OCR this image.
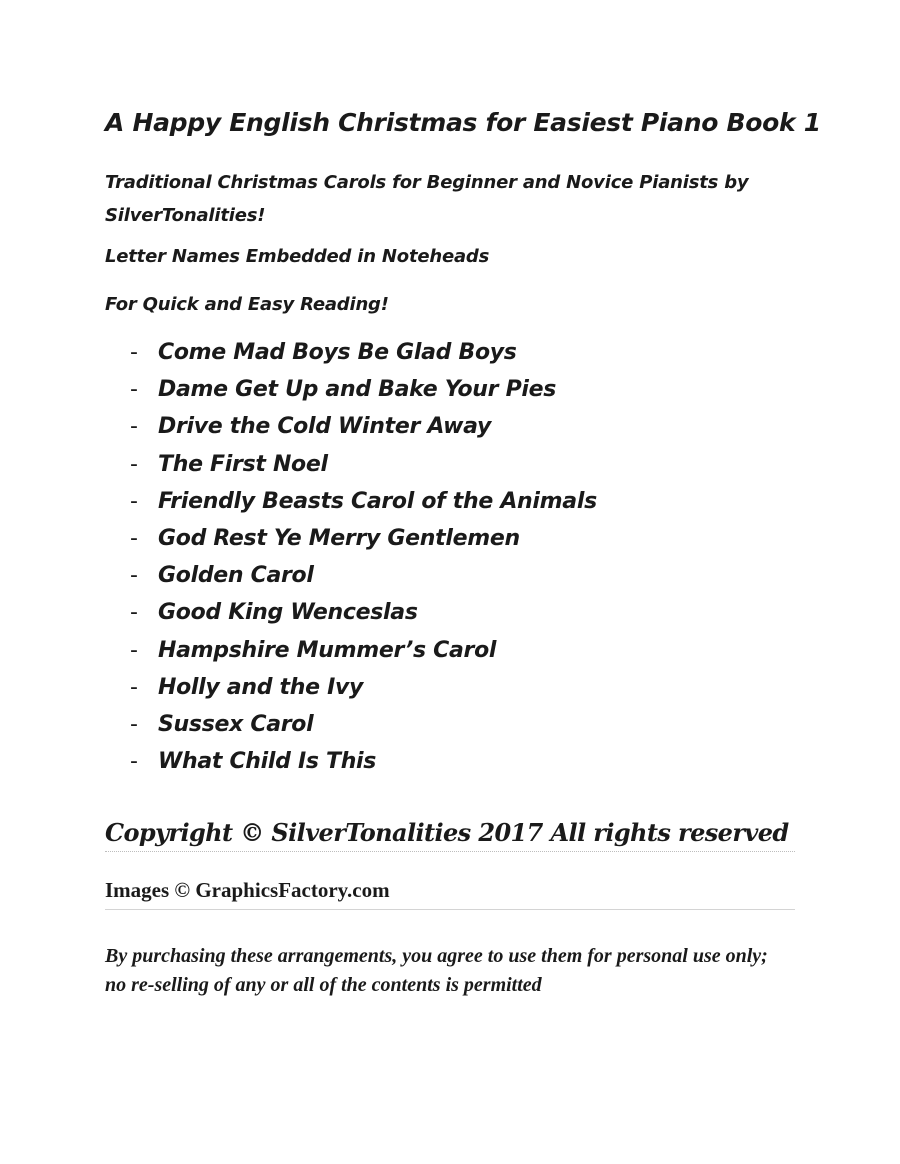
A Happy English Christmas for Easiest Piano Book 1
Traditional Christmas Carols for Beginner and Novice Pianists by SilverTonalities!
Letter Names Embedded in Noteheads
For Quick and Easy Reading!
- Come Mad Boys Be Glad Boys
- Dame Get Up and Bake Your Pies
- Drive the Cold Winter Away
- The First Noel
- Friendly Beasts Carol of the Animals
- God Rest Ye Merry Gentlemen
- Golden Carol
- Good King Wenceslas
- Hampshire Mummer’s Carol
- Holly and the Ivy
- Sussex Carol
- What Child Is This
Copyright © SilverTonalities 2017 All rights reserved
Images © GraphicsFactory.com
By purchasing these arrangements, you agree to use them for personal use only; no re-selling of any or all of the contents is permitted
